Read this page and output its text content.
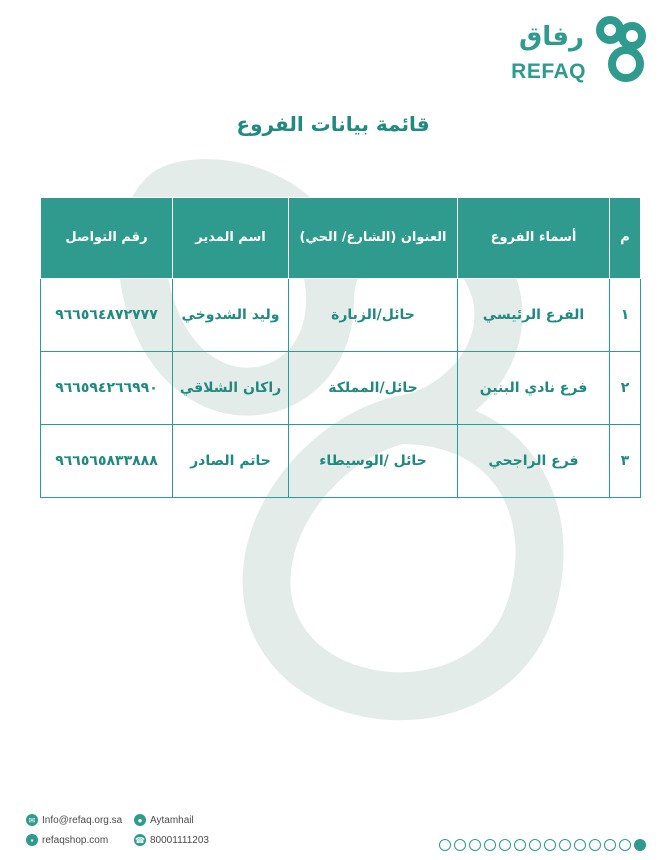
رفاق
REFAQ
قائمة بيانات الفروع
م	أسماء الفروع	العنوان (الشارع/ الحي)	اسم المدير	رقم التواصل
١	الفرع الرئيسي	حائل/الزبارة	وليد الشدوخي	٩٦٦٥٦٤٨٧٢٧٧٧
٢	فرع نادي البنين	حائل/المملكة	راكان الشلاقي	٩٦٦٥٩٤٢٦٦٩٩٠
٣	فرع الراجحي	حائل /الوسيطاء	حاتم الصادر	٩٦٦٥٦٥٨٣٣٨٨٨
✉ Info@refaq.org.sa	● Aytamhail
▪ refaqshop.com	☎ 80001111203
